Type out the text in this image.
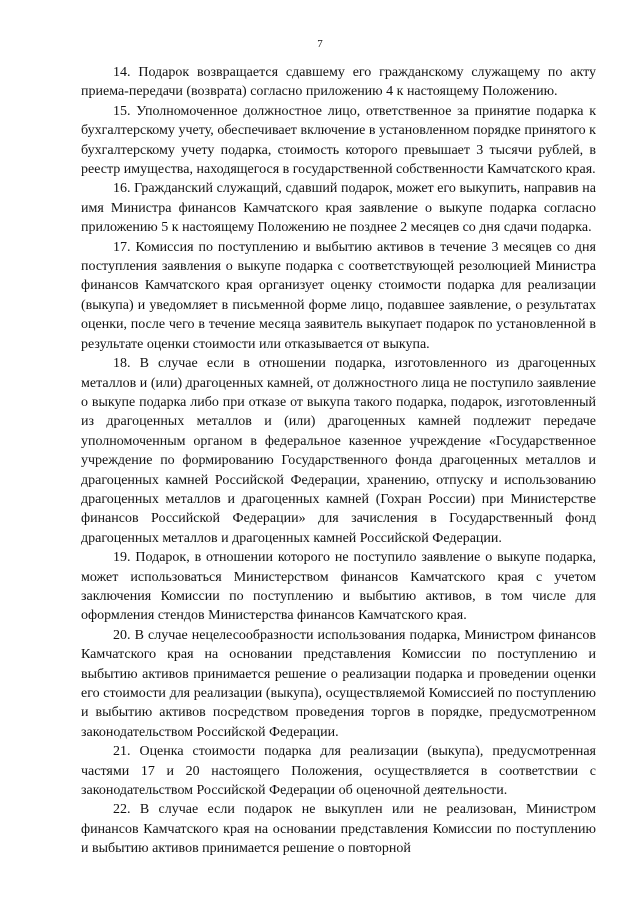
7

14. Подарок возвращается сдавшему его гражданскому служащему по акту приема-передачи (возврата) согласно приложению 4 к настоящему Положению.

15. Уполномоченное должностное лицо, ответственное за принятие подарка к бухгалтерскому учету, обеспечивает включение в установленном порядке принятого к бухгалтерскому учету подарка, стоимость которого превышает 3 тысячи рублей, в реестр имущества, находящегося в государственной собственности Камчатского края.

16. Гражданский служащий, сдавший подарок, может его выкупить, направив на имя Министра финансов Камчатского края заявление о выкупе подарка согласно приложению 5 к настоящему Положению не позднее 2 месяцев со дня сдачи подарка.

17. Комиссия по поступлению и выбытию активов в течение 3 месяцев со дня поступления заявления о выкупе подарка с соответствующей резолюцией Министра финансов Камчатского края организует оценку стоимости подарка для реализации (выкупа) и уведомляет в письменной форме лицо, подавшее заявление, о результатах оценки, после чего в течение месяца заявитель выкупает подарок по установленной в результате оценки стоимости или отказывается от выкупа.

18. В случае если в отношении подарка, изготовленного из драгоценных металлов и (или) драгоценных камней, от должностного лица не поступило заявление о выкупе подарка либо при отказе от выкупа такого подарка, подарок, изготовленный из драгоценных металлов и (или) драгоценных камней подлежит передаче уполномоченным органом в федеральное казенное учреждение «Государственное учреждение по формированию Государственного фонда драгоценных металлов и драгоценных камней Российской Федерации, хранению, отпуску и использованию драгоценных металлов и драгоценных камней (Гохран России) при Министерстве финансов Российской Федерации» для зачисления в Государственный фонд драгоценных металлов и драгоценных камней Российской Федерации.

19. Подарок, в отношении которого не поступило заявление о выкупе подарка, может использоваться Министерством финансов Камчатского края с учетом заключения Комиссии по поступлению и выбытию активов, в том числе для оформления стендов Министерства финансов Камчатского края.

20. В случае нецелесообразности использования подарка, Министром финансов Камчатского края на основании представления Комиссии по поступлению и выбытию активов принимается решение о реализации подарка и проведении оценки его стоимости для реализации (выкупа), осуществляемой Комиссией по поступлению и выбытию активов посредством проведения торгов в порядке, предусмотренном законодательством Российской Федерации.

21. Оценка стоимости подарка для реализации (выкупа), предусмотренная частями 17 и 20 настоящего Положения, осуществляется в соответствии с законодательством Российской Федерации об оценочной деятельности.

22. В случае если подарок не выкуплен или не реализован, Министром финансов Камчатского края на основании представления Комиссии по поступлению и выбытию активов принимается решение о повторной
